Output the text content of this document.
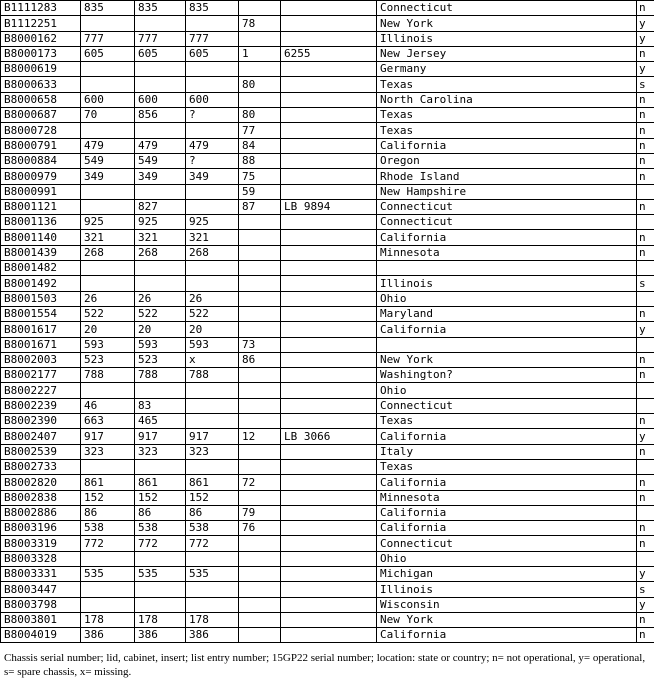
B1111283	835	835	835			Connecticut	n
B1112251				78		New York	y
B8000162	777	777	777			Illinois	y
B8000173	605	605	605	1	6255	New Jersey	n
B8000619						Germany	y
B8000633				80		Texas	s
B8000658	600	600	600			North Carolina	n
B8000687	70	856	?	80		Texas	n
B8000728				77		Texas	n
B8000791	479	479	479	84		California	n
B8000884	549	549	?	88		Oregon	n
B8000979	349	349	349	75		Rhode Island	n
B8000991				59		New Hampshire	
B8001121		827		87	LB 9894	Connecticut	n
B8001136	925	925	925			Connecticut	
B8001140	321	321	321			California	n
B8001439	268	268	268			Minnesota	n
B8001482							
B8001492						Illinois	s
B8001503	26	26	26			Ohio	
B8001554	522	522	522			Maryland	n
B8001617	20	20	20			California	y
B8001671	593	593	593	73			
B8002003	523	523	x	86		New York	n
B8002177	788	788	788			Washington?	n
B8002227						Ohio	
B8002239	46	83				Connecticut	
B8002390	663	465				Texas	n
B8002407	917	917	917	12	LB 3066	California	y
B8002539	323	323	323			Italy	n
B8002733						Texas	
B8002820	861	861	861	72		California	n
B8002838	152	152	152			Minnesota	n
B8002886	86	86	86	79		California	
B8003196	538	538	538	76		California	n
B8003319	772	772	772			Connecticut	n
B8003328						Ohio	
B8003331	535	535	535			Michigan	y
B8003447						Illinois	s
B8003798						Wisconsin	y
B8003801	178	178	178			New York	n
B8004019	386	386	386			California	n
Chassis serial number; lid, cabinet, insert; list entry number; 15GP22 serial number; location: state or country; n= not operational, y= operational, s= spare chassis, x= missing.
